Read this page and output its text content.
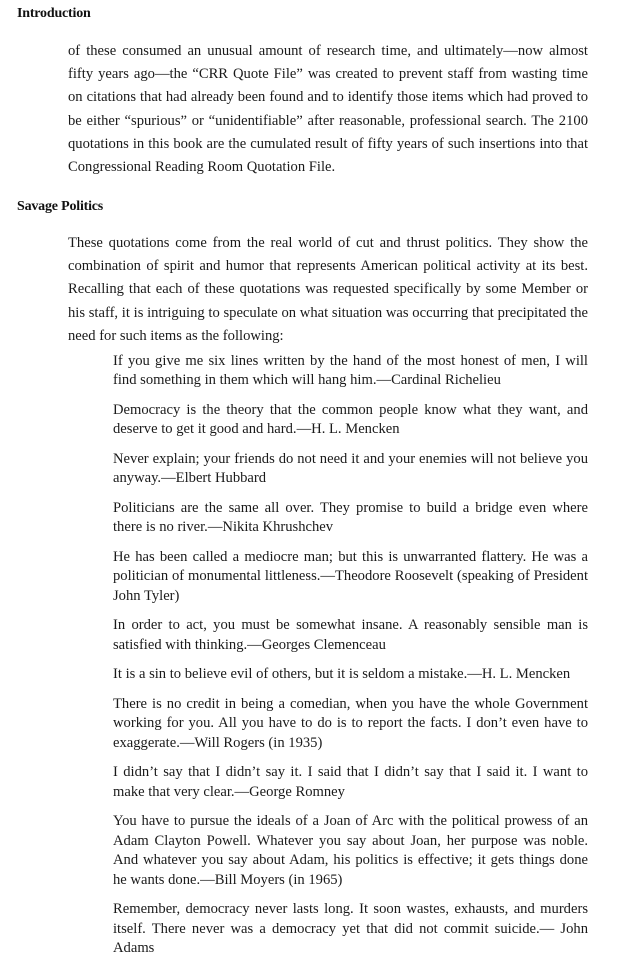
Introduction

of these consumed an unusual amount of research time, and ultimately—now almost fifty years ago—the “CRR Quote File” was created to prevent staff from wasting time on citations that had already been found and to identify those items which had proved to be either “spurious” or “unidentifiable” after reasonable, professional search. The 2100 quotations in this book are the cumulated result of fifty years of such insertions into that Congressional Reading Room Quotation File.

Savage Politics

These quotations come from the real world of cut and thrust politics. They show the combination of spirit and humor that represents American political activity at its best. Recalling that each of these quotations was requested specifically by some Member or his staff, it is intriguing to speculate on what situation was occurring that precipitated the need for such items as the following:

If you give me six lines written by the hand of the most honest of men, I will find something in them which will hang him.—Cardinal Richelieu
Democracy is the theory that the common people know what they want, and deserve to get it good and hard.—H. L. Mencken
Never explain; your friends do not need it and your enemies will not believe you anyway.—Elbert Hubbard
Politicians are the same all over. They promise to build a bridge even where there is no river.—Nikita Khrushchev
He has been called a mediocre man; but this is unwarranted flattery. He was a politician of monumental littleness.—Theodore Roosevelt (speaking of President John Tyler)
In order to act, you must be somewhat insane. A reasonably sensible man is satisfied with thinking.—Georges Clemenceau
It is a sin to believe evil of others, but it is seldom a mistake.—H. L. Mencken
There is no credit in being a comedian, when you have the whole Government working for you. All you have to do is to report the facts. I don’t even have to exaggerate.—Will Rogers (in 1935)
I didn’t say that I didn’t say it. I said that I didn’t say that I said it. I want to make that very clear.—George Romney
You have to pursue the ideals of a Joan of Arc with the political prowess of an Adam Clayton Powell. Whatever you say about Joan, her purpose was noble. And whatever you say about Adam, his politics is effective; it gets things done he wants done.—Bill Moyers (in 1965)
Remember, democracy never lasts long. It soon wastes, exhausts, and murders itself. There never was a democracy yet that did not commit suicide.— John Adams
